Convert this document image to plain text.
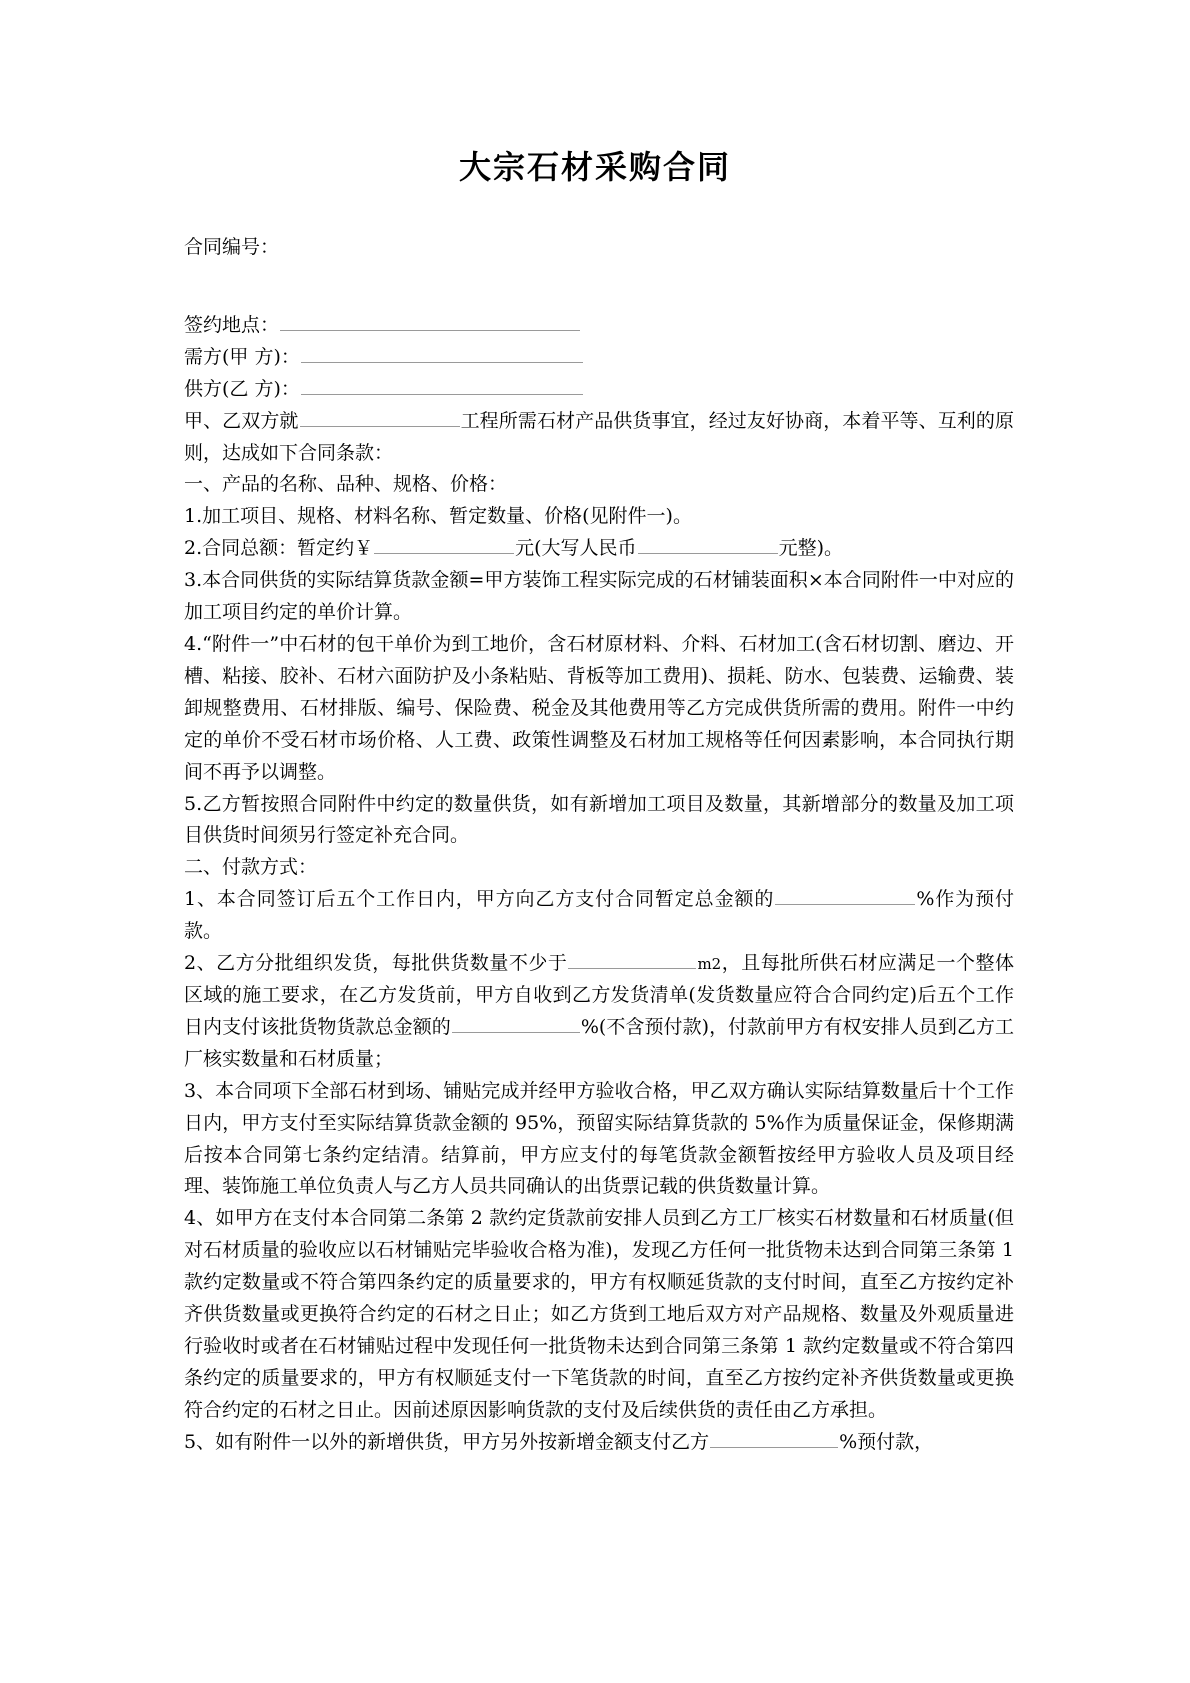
大宗石材采购合同
合同编号：
签约地点：
需方(甲 方)：
供方(乙 方)：
甲、乙双方就	工程所需石材产品供货事宜，经过友好协商，本着平等、互利的原则，达成如下合同条款：
一、产品的名称、品种、规格、价格：
1.加工项目、规格、材料名称、暂定数量、价格(见附件一)。
2.合同总额：暂定约￥	元(大写人民币	元整)。
3.本合同供货的实际结算货款金额=甲方装饰工程实际完成的石材铺装面积×本合同附件一中对应的加工项目约定的单价计算。
4.“附件一”中石材的包干单价为到工地价，含石材原材料、介料、石材加工(含石材切割、磨边、开槽、粘接、胶补、石材六面防护及小条粘贴、背板等加工费用)、损耗、防水、包装费、运输费、装卸规整费用、石材排版、编号、保险费、税金及其他费用等乙方完成供货所需的费用。附件一中约定的单价不受石材市场价格、人工费、政策性调整及石材加工规格等任何因素影响，本合同执行期间不再予以调整。
5.乙方暂按照合同附件中约定的数量供货，如有新增加工项目及数量，其新增部分的数量及加工项目供货时间须另行签定补充合同。
二、付款方式：
1、本合同签订后五个工作日内，甲方向乙方支付合同暂定总金额的	%作为预付款。
2、乙方分批组织发货，每批供货数量不少于	m2，且每批所供石材应满足一个整体区域的施工要求，在乙方发货前，甲方自收到乙方发货清单(发货数量应符合合同约定)后五个工作日内支付该批货物货款总金额的	%(不含预付款)，付款前甲方有权安排人员到乙方工厂核实数量和石材质量；
3、本合同项下全部石材到场、铺贴完成并经甲方验收合格，甲乙双方确认实际结算数量后十个工作日内，甲方支付至实际结算货款金额的 95%，预留实际结算货款的 5%作为质量保证金，保修期满后按本合同第七条约定结清。结算前，甲方应支付的每笔货款金额暂按经甲方验收人员及项目经理、装饰施工单位负责人与乙方人员共同确认的出货票记载的供货数量计算。
4、如甲方在支付本合同第二条第 2 款约定货款前安排人员到乙方工厂核实石材数量和石材质量(但对石材质量的验收应以石材铺贴完毕验收合格为准)，发现乙方任何一批货物未达到合同第三条第 1 款约定数量或不符合第四条约定的质量要求的，甲方有权顺延货款的支付时间，直至乙方按约定补齐供货数量或更换符合约定的石材之日止；如乙方货到工地后双方对产品规格、数量及外观质量进行验收时或者在石材铺贴过程中发现任何一批货物未达到合同第三条第 1 款约定数量或不符合第四条约定的质量要求的，甲方有权顺延支付一下笔货款的时间，直至乙方按约定补齐供货数量或更换符合约定的石材之日止。因前述原因影响货款的支付及后续供货的责任由乙方承担。
5、如有附件一以外的新增供货，甲方另外按新增金额支付乙方	%预付款，
